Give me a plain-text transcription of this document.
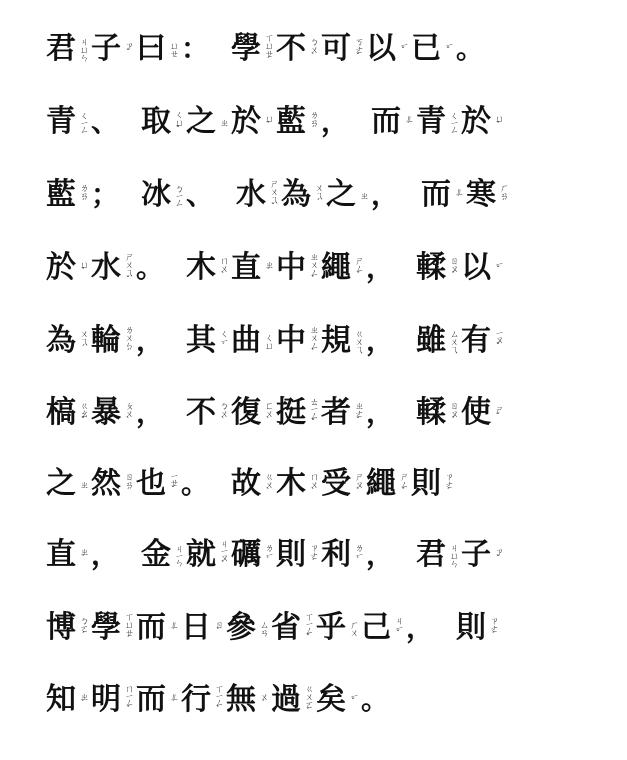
君 ㄐㄩㄣ 子 ㄗˇ 曰 ㄩㄝ ： 學 ㄒㄩㄝˊ 不 ㄅㄨˋ 可 ㄎㄜˇ 以 ㄧˇ 已 ㄧˇ 。
青 ㄑㄧㄥ 、 取 ㄑㄩˇ 之 ㄓ 於 ㄩˊ 藍 ㄌㄢˊ ， 而 ㄦˊ 青 ㄑㄧㄥ 於 ㄩˊ
藍 ㄌㄢˊ ； 冰 ㄅㄧㄥ 、 水 ㄕㄨㄟˇ 為 ㄨㄟˊ 之 ㄓ ， 而 ㄦˊ 寒 ㄏㄢˊ
於 ㄩˊ 水 ㄕㄨㄟˇ 。 木 ㄇㄨˋ 直 ㄓˊ 中 ㄓㄨㄥˋ 繩 ㄕㄥˊ ， 輮 ㄖㄡˊ 以 ㄧˇ
為 ㄨㄟˊ 輪 ㄌㄨㄣˊ ， 其 ㄑㄧˊ 曲 ㄑㄩ 中 ㄓㄨㄥˋ 規 ㄍㄨㄟ ， 雖 ㄙㄨㄟ 有 ㄧㄡˇ
槁 ㄍㄠˇ 暴 ㄆㄨˋ ， 不 ㄅㄨˋ 復 ㄈㄨˋ 挺 ㄊㄧㄥˇ 者 ㄓㄜˇ ， 輮 ㄖㄡˊ 使 ㄕˇ
之 ㄓ 然 ㄖㄢˊ 也 ㄧㄝˇ 。 故 ㄍㄨˋ 木 ㄇㄨˋ 受 ㄕㄡˋ 繩 ㄕㄥˊ 則 ㄗㄜˊ
直 ㄓˊ ， 金 ㄐㄧㄣ 就 ㄐㄧㄡˋ 礪 ㄌㄧˋ 則 ㄗㄜˊ 利 ㄌㄧˋ ， 君 ㄐㄩㄣ 子 ㄗˇ
博 ㄅㄛˊ 學 ㄒㄩㄝˊ 而 ㄦˊ 日 ㄖˋ 參 ㄙㄢ 省 ㄒㄧㄥˇ 乎 ㄏㄨ 己 ㄐㄧˇ ， 則 ㄗㄜˊ
知 ㄓˋ 明 ㄇㄧㄥˊ 而 ㄦˊ 行 ㄒㄧㄥˋ 無 ㄨˊ 過 ㄍㄨㄛˋ 矣 ㄧˇ 。
